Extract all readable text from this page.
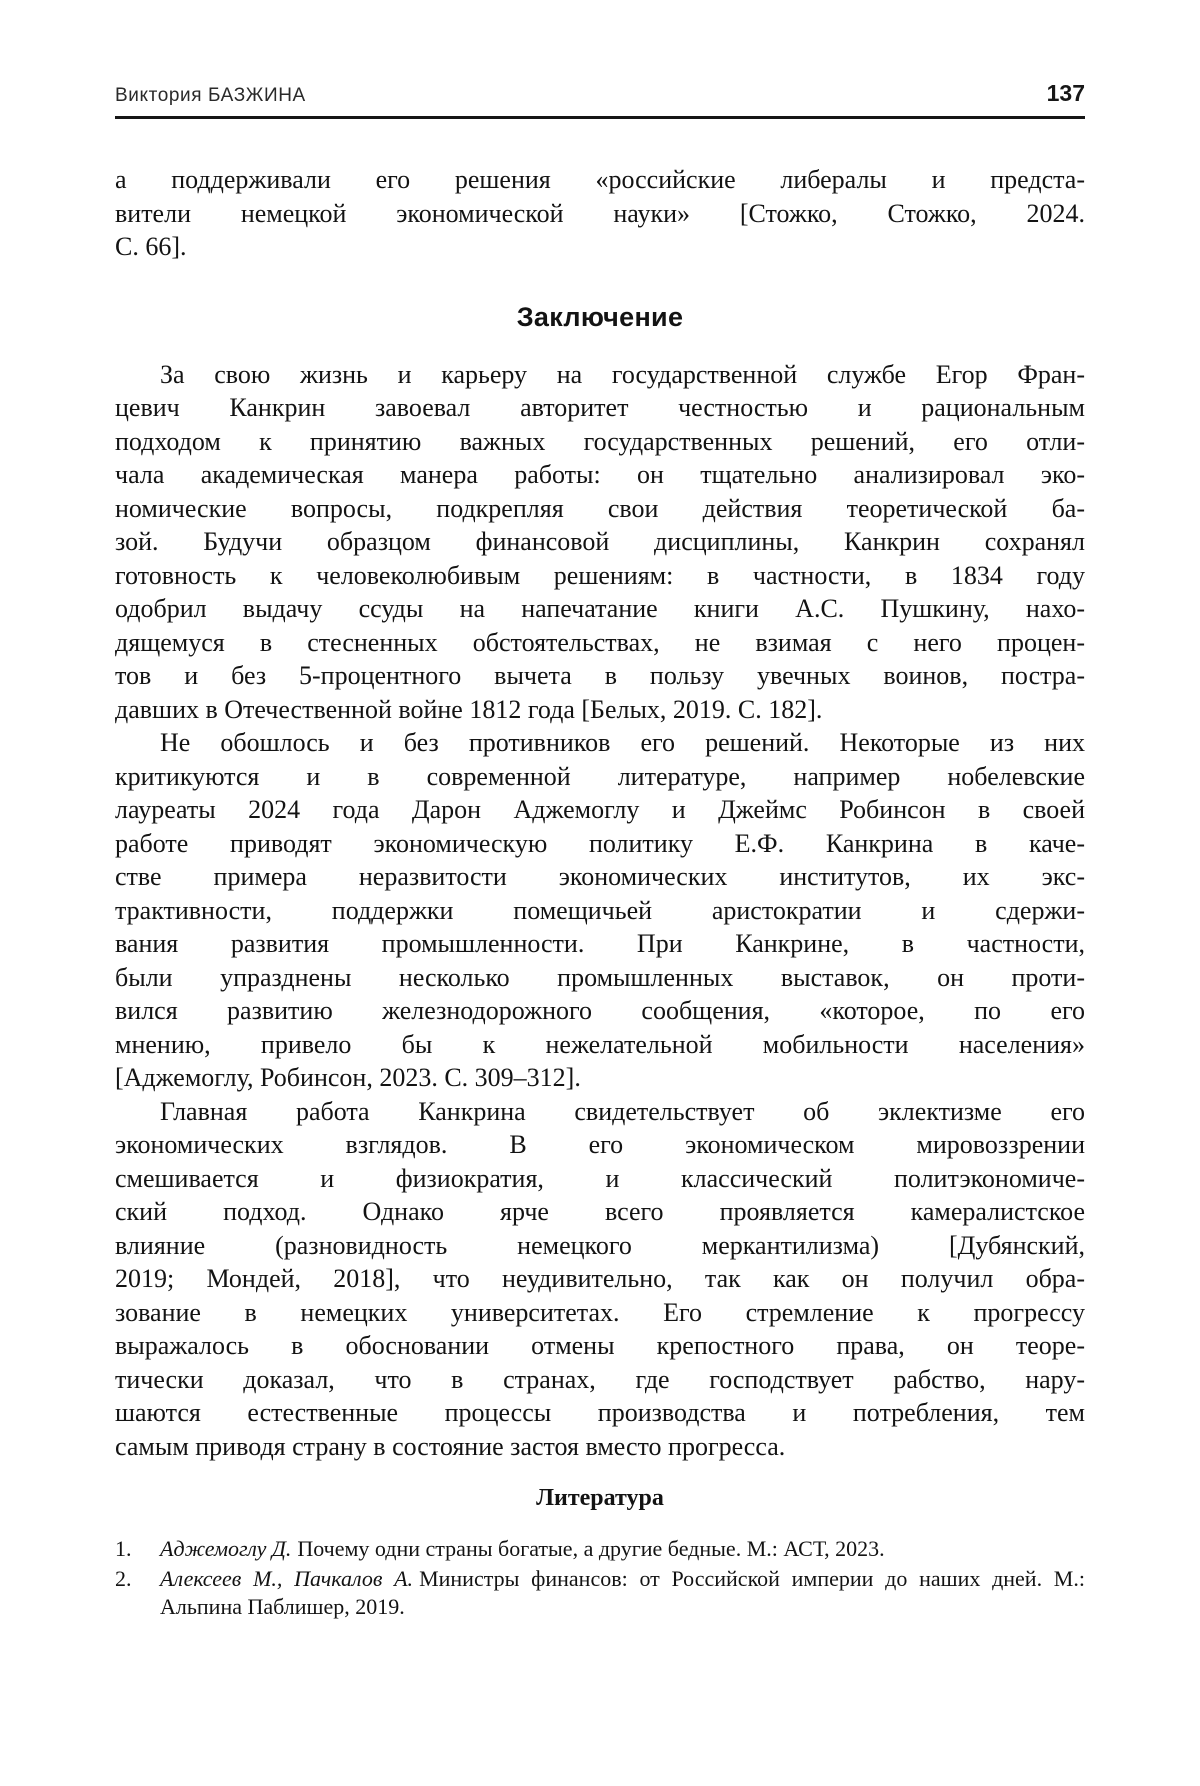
Виктория БАЗЖИНА	137
а поддерживали его решения «российские либералы и предста-
вители немецкой экономической науки» [Стожко, Стожко, 2024.
С. 66].
Заключение
За свою жизнь и карьеру на государственной службе Егор Фран-
цевич Канкрин завоевал авторитет честностью и рациональным
подходом к принятию важных государственных решений, его отли-
чала академическая манера работы: он тщательно анализировал эко-
номические вопросы, подкрепляя свои действия теоретической ба-
зой. Будучи образцом финансовой дисциплины, Канкрин сохранял
готовность к человеколюбивым решениям: в частности, в 1834 году
одобрил выдачу ссуды на напечатание книги А.С. Пушкину, нахо-
дящемуся в стесненных обстоятельствах, не взимая с него процен-
тов и без 5-процентного вычета в пользу увечных воинов, постра-
давших в Отечественной войне 1812 года [Белых, 2019. С. 182].
Не обошлось и без противников его решений. Некоторые из них
критикуются и в современной литературе, например нобелевские
лауреаты 2024 года Дарон Аджемоглу и Джеймс Робинсон в своей
работе приводят экономическую политику Е.Ф. Канкрина в каче-
стве примера неразвитости экономических институтов, их экс-
трактивности, поддержки помещичьей аристократии и сдержи-
вания развития промышленности. При Канкрине, в частности,
были упразднены несколько промышленных выставок, он проти-
вился развитию железнодорожного сообщения, «которое, по его
мнению, привело бы к нежелательной мобильности населения»
[Аджемоглу, Робинсон, 2023. С. 309–312].
Главная работа Канкрина свидетельствует об эклектизме его
экономических взглядов. В его экономическом мировоззрении
смешивается и физиократия, и классический политэкономиче-
ский подход. Однако ярче всего проявляется камералистское
влияние (разновидность немецкого меркантилизма) [Дубянский,
2019; Мондей, 2018], что неудивительно, так как он получил обра-
зование в немецких университетах. Его стремление к прогрессу
выражалось в обосновании отмены крепостного права, он теоре-
тически доказал, что в странах, где господствует рабство, нару-
шаются естественные процессы производства и потребления, тем
самым приводя страну в состояние застоя вместо прогресса.
Литература
1.	Аджемоглу Д. Почему одни страны богатые, а другие бедные. М.: АСТ, 2023.
2.	Алексеев М., Пачкалов А. Министры финансов: от Российской империи до наших дней. М.: Альпина Паблишер, 2019.
